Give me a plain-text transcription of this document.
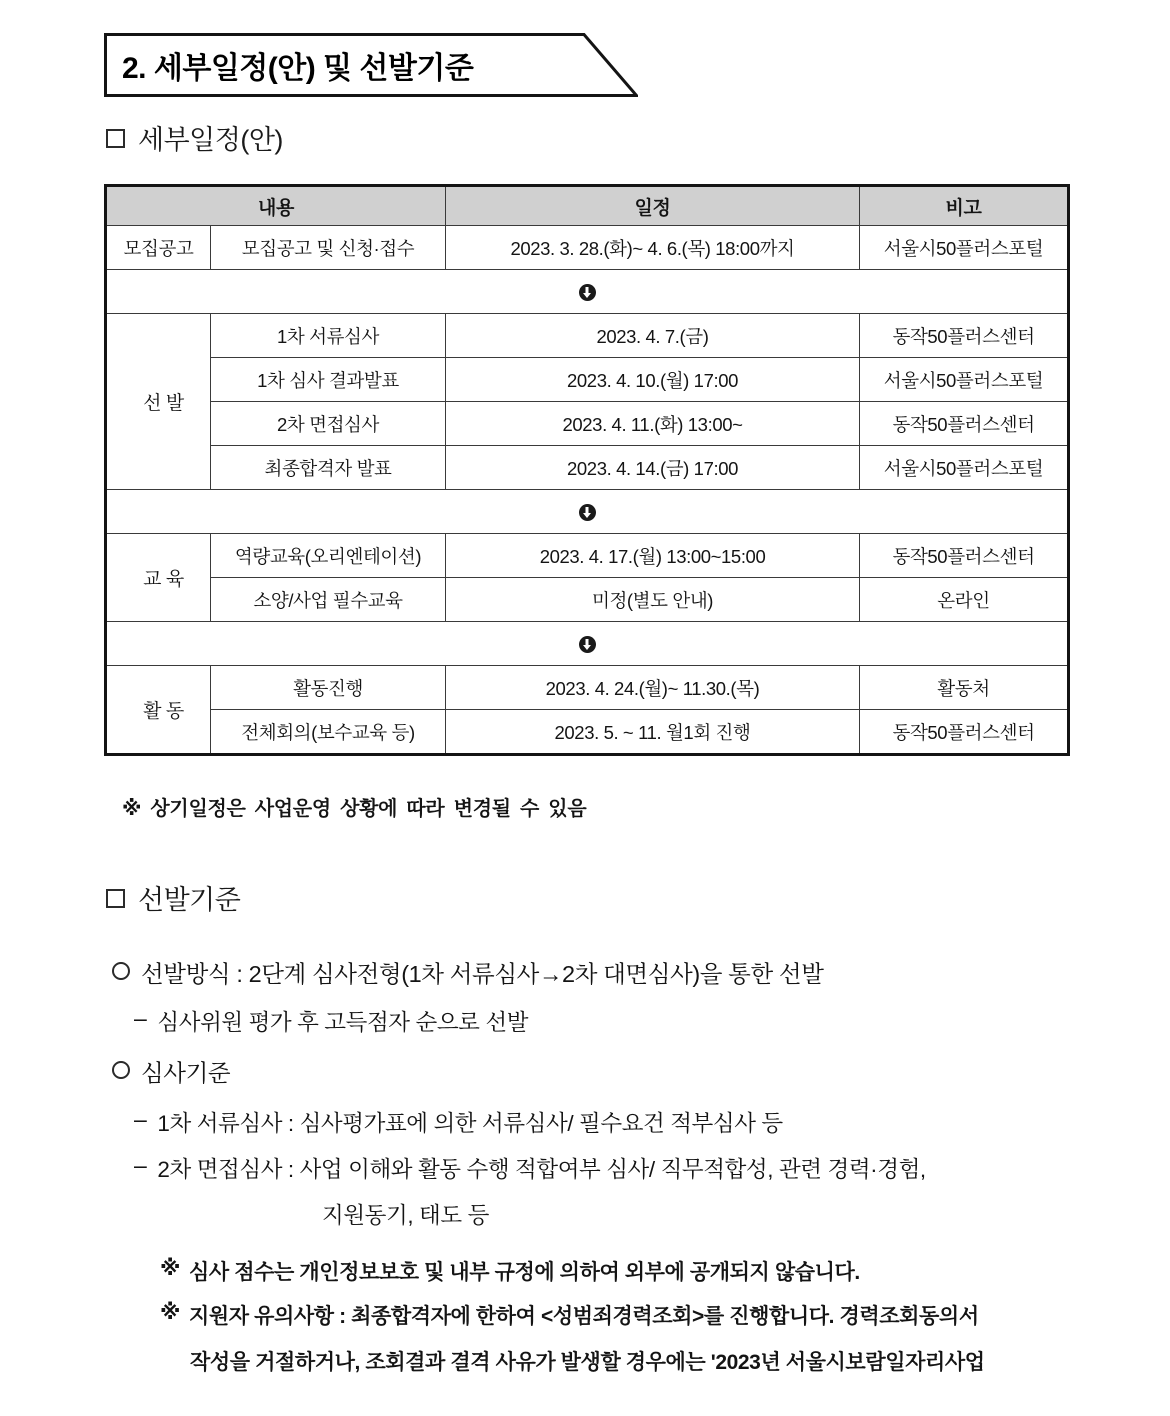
2. 세부일정(안) 및 선발기준
세부일정(안)
내용		일정	비고
모집공고	모집공고 및 신청·접수	2023. 3. 28.(화)~ 4. 6.(목) 18:00까지	서울시50플러스포털

선 발	1차 서류심사	2023. 4. 7.(금)	동작50플러스센터
	1차 심사 결과발표	2023. 4. 10.(월) 17:00	서울시50플러스포털
	2차 면접심사	2023. 4. 11.(화) 13:00~	동작50플러스센터
	최종합격자 발표	2023. 4. 14.(금) 17:00	서울시50플러스포털

교 육	역량교육(오리엔테이션)	2023. 4. 17.(월) 13:00~15:00	동작50플러스센터
	소양/사업 필수교육	미정(별도 안내)	온라인

활 동	활동진행	2023. 4. 24.(월)~ 11.30.(목)	활동처
	전체회의(보수교육 등)	2023. 5. ~ 11. 월1회 진행	동작50플러스센터
※ 상기일정은 사업운영 상황에 따라 변경될 수 있음
선발기준
선발방식 : 2단계 심사전형(1차 서류심사→2차 대면심사)을 통한 선발
– 심사위원 평가 후 고득점자 순으로 선발
심사기준
– 1차 서류심사 : 심사평가표에 의한 서류심사/ 필수요건 적부심사 등
– 2차 면접심사 : 사업 이해와 활동 수행 적합여부 심사/ 직무적합성, 관련 경력·경험,
지원동기, 태도 등
※ 심사 점수는 개인정보보호 및 내부 규정에 의하여 외부에 공개되지 않습니다.
※ 지원자 유의사항 : 최종합격자에 한하여 <성범죄경력조회>를 진행합니다. 경력조회동의서
작성을 거절하거나, 조회결과 결격 사유가 발생할 경우에는 '2023년 서울시보람일자리사업
